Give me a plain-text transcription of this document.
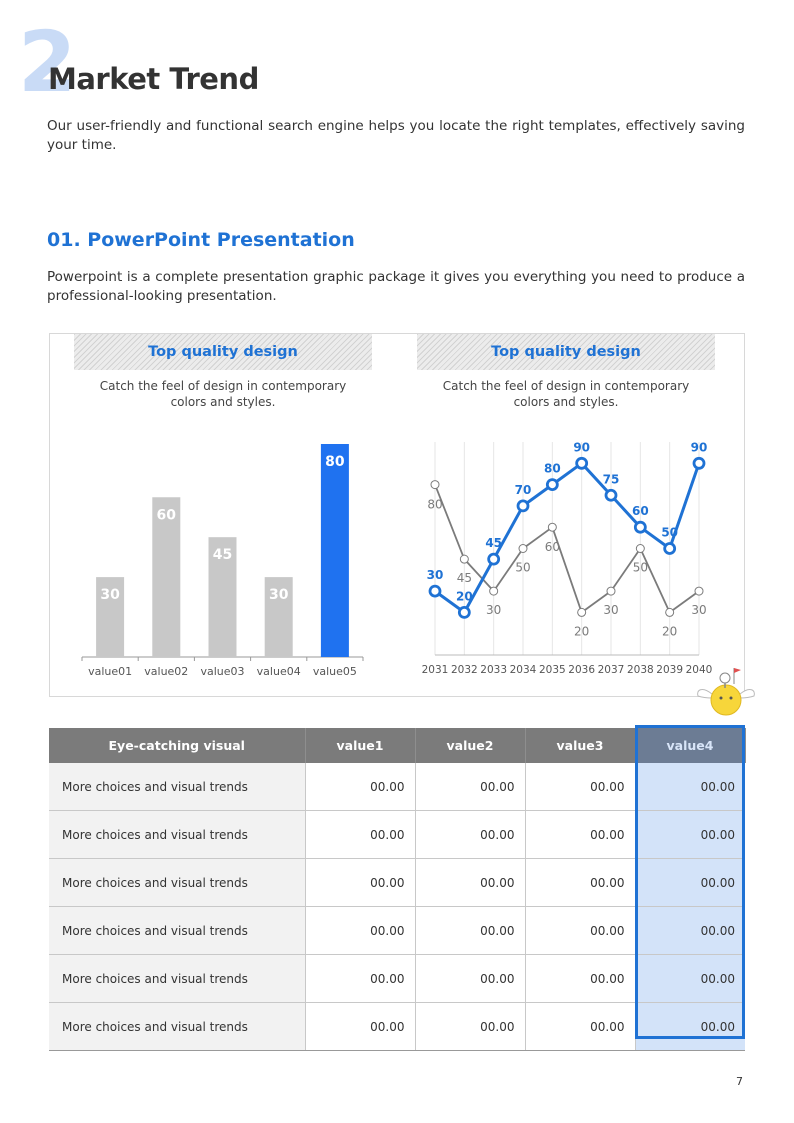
2
Market Trend
Our user-friendly and functional search engine helps you locate the right templates, effectively saving your time.
01. PowerPoint Presentation
Powerpoint is a complete presentation graphic package it gives you everything you need to produce a professional-looking presentation.
Top quality design
Catch the feel of design in contemporary
colors and styles.
Top quality design
Catch the feel of design in contemporary
colors and styles.
30
value01
60
value02
45
value03
30
value04
80
value05	2031 2032 2033 2034 2035 2036 2037 2038 2039 2040
80
45
30
50
60
20
30
50
20
30
30
20
45
70
80
90
75
60
50
90
Eye-catching visual	value1	value2	value3	value4
More choices and visual trends	00.00	00.00	00.00	00.00
More choices and visual trends	00.00	00.00	00.00	00.00
More choices and visual trends	00.00	00.00	00.00	00.00
More choices and visual trends	00.00	00.00	00.00	00.00
More choices and visual trends	00.00	00.00	00.00	00.00
More choices and visual trends	00.00	00.00	00.00	00.00
7
